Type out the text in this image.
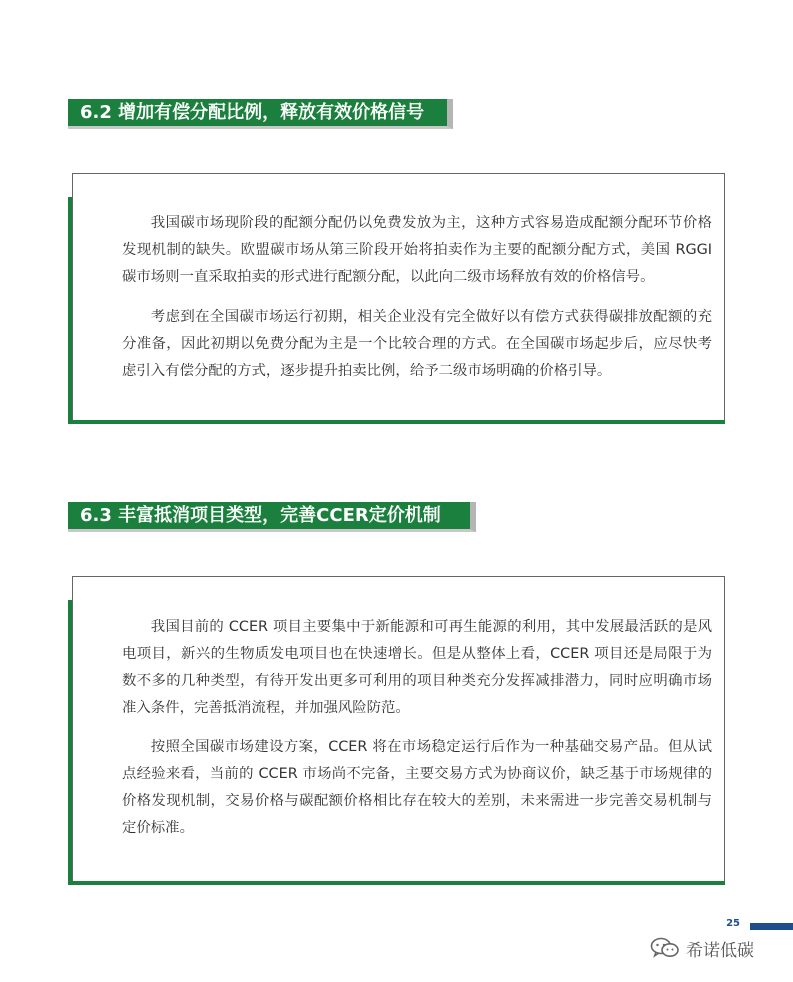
6.2 增加有偿分配比例，释放有效价格信号

我国碳市场现阶段的配额分配仍以免费发放为主，这种方式容易造成配额分配环节价格发现机制的缺失。欧盟碳市场从第三阶段开始将拍卖作为主要的配额分配方式，美国 RGGI 碳市场则一直采取拍卖的形式进行配额分配，以此向二级市场释放有效的价格信号。

考虑到在全国碳市场运行初期，相关企业没有完全做好以有偿方式获得碳排放配额的充分准备，因此初期以免费分配为主是一个比较合理的方式。在全国碳市场起步后，应尽快考虑引入有偿分配的方式，逐步提升拍卖比例，给予二级市场明确的价格引导。

6.3 丰富抵消项目类型，完善CCER定价机制

我国目前的 CCER 项目主要集中于新能源和可再生能源的利用，其中发展最活跃的是风电项目，新兴的生物质发电项目也在快速增长。但是从整体上看，CCER 项目还是局限于为数不多的几种类型，有待开发出更多可利用的项目种类充分发挥减排潜力，同时应明确市场准入条件，完善抵消流程，并加强风险防范。

按照全国碳市场建设方案，CCER 将在市场稳定运行后作为一种基础交易产品。但从试点经验来看，当前的 CCER 市场尚不完备，主要交易方式为协商议价，缺乏基于市场规律的价格发现机制，交易价格与碳配额价格相比存在较大的差别，未来需进一步完善交易机制与定价标准。

25
希诺低碳
